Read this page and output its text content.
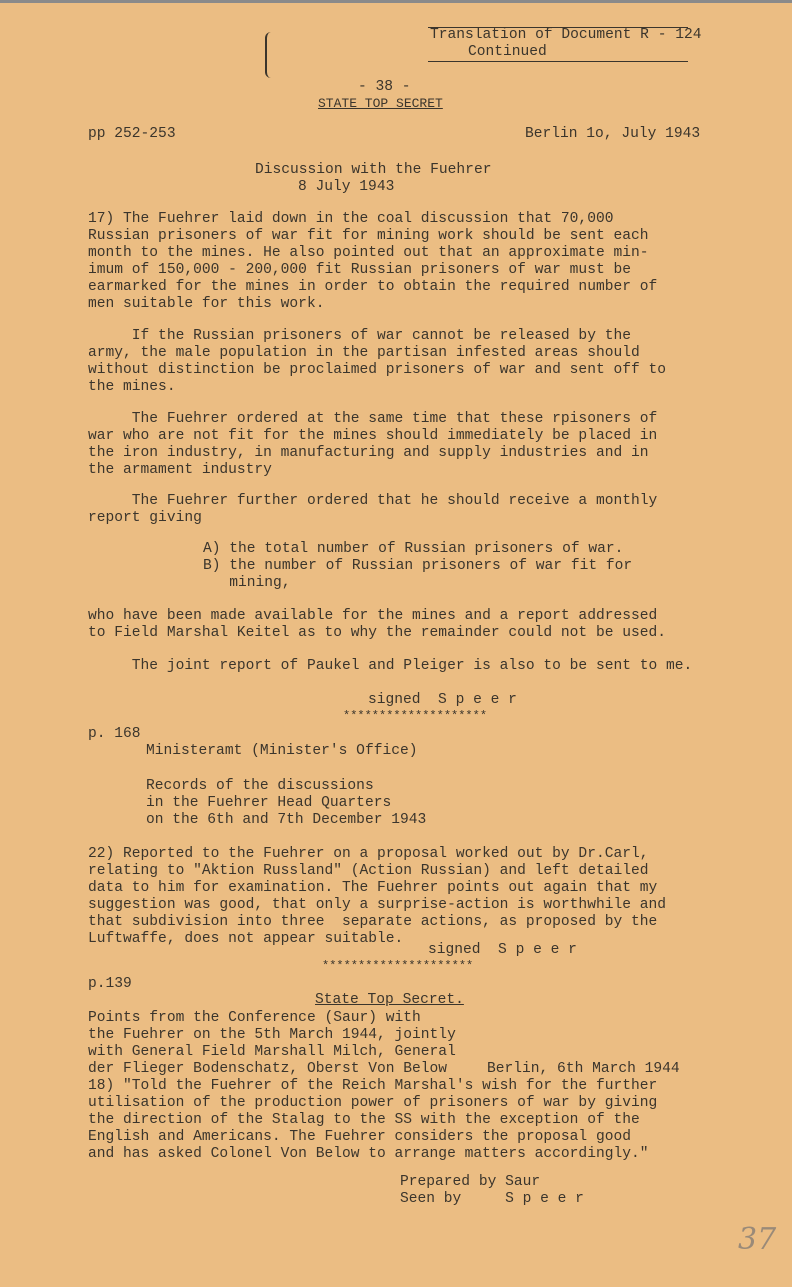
Translation of Document R - 124
Continued
- 38 -
STATE TOP SECRET
pp 252-253	Berlin 1o, July 1943
Discussion with the Fuehrer
8 July 1943
17) The Fuehrer laid down in the coal discussion that 70,000
Russian prisoners of war fit for mining work should be sent each
month to the mines. He also pointed out that an approximate min-
imum of 150,000 - 200,000 fit Russian prisoners of war must be
earmarked for the mines in order to obtain the required number of
men suitable for this work.
If the Russian prisoners of war cannot be released by the
army, the male population in the partisan infested areas should
without distinction be proclaimed prisoners of war and sent off to
the mines.
The Fuehrer ordered at the same time that these rpisoners of
war who are not fit for the mines should immediately be placed in
the iron industry, in manufacturing and supply industries and in
the armament industry
The Fuehrer further ordered that he should receive a monthly
report giving
A) the total number of Russian prisoners of war.
B) the number of Russian prisoners of war fit for
mining,
who have been made available for the mines and a report addressed
to Field Marshal Keitel as to why the remainder could not be used.
The joint report of Paukel and Pleiger is also to be sent to me.
signed  S p e e r
********************
p. 168
Ministeramt (Minister's Office)
Records of the discussions
in the Fuehrer Head Quarters
on the 6th and 7th December 1943
22) Reported to the Fuehrer on a proposal worked out by Dr.Carl,
relating to "Aktion Russland" (Action Russian) and left detailed
data to him for examination. The Fuehrer points out again that my
suggestion was good, that only a surprise-action is worthwhile and
that subdivision into three  separate actions, as proposed by the
Luftwaffe, does not appear suitable.
signed  S p e e r
*********************
p.139
State Top Secret.
Points from the Conference (Saur) with
the Fuehrer on the 5th March 1944, jointly
with General Field Marshall Milch, General
der Flieger Bodenschatz, Oberst Von Below	Berlin, 6th March 1944
18) "Told the Fuehrer of the Reich Marshal's wish for the further
utilisation of the production power of prisoners of war by giving
the direction of the Stalag to the SS with the exception of the
English and Americans. The Fuehrer considers the proposal good
and has asked Colonel Von Below to arrange matters accordingly."
Prepared by Saur
Seen by     S p e e r
37
